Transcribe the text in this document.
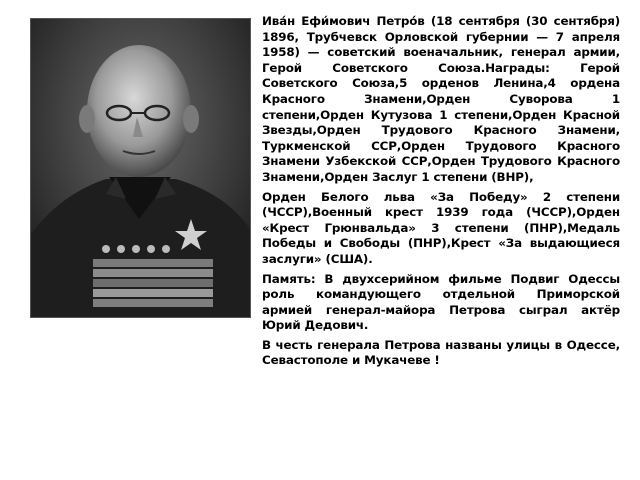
Ива́н Ефи́мович Петро́в (18 сентября (30 сентября) 1896, Трубчевск Орловской губернии — 7 апреля 1958) — советский военачальник, генерал армии, Герой Советского Союза.Награды: Герой Советского Союза,5 орденов Ленина,4 ордена Красного Знамени,Орден Суворова 1 степени,Орден Кутузова 1 степени,Орден Красной Звезды,Орден Трудового Красного Знамени, Туркменской ССР,Орден Трудового Красного Знамени Узбекской ССР,Орден Трудового Красного Знамени,Орден Заслуг 1 степени (ВНР),

Орден Белого льва «За Победу» 2 степени (ЧССР),Военный крест 1939 года (ЧССР),Орден «Крест Грюнвальда» 3 степени (ПНР),Медаль Победы и Свободы (ПНР),Крест «За выдающиеся заслуги» (США).

Память: В двухсерийном фильме Подвиг Одессы роль командующего отдельной Приморской армией генерал-майора Петрова сыграл актёр Юрий Дедович.

В честь генерала Петрова названы улицы в Одессе, Севастополе и Мукачеве !
